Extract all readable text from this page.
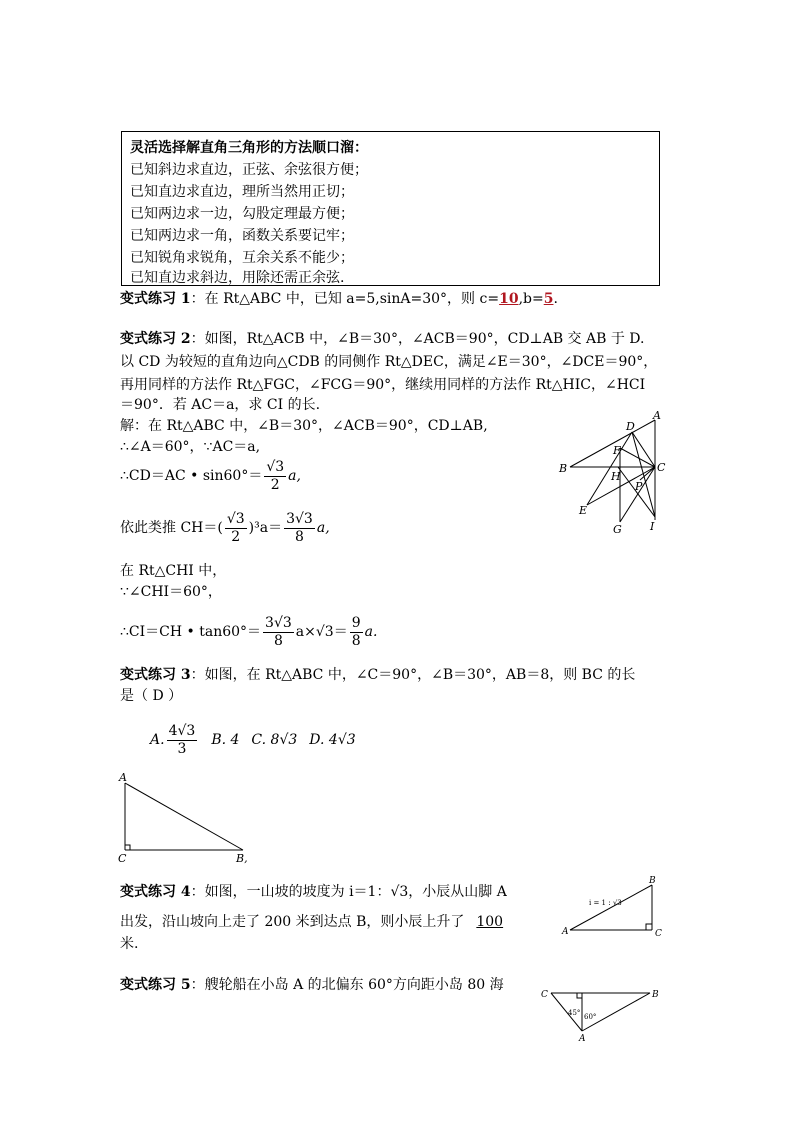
灵活选择解直角三角形的方法顺口溜：
已知斜边求直边，正弦、余弦很方便；
已知直边求直边，理所当然用正切；
已知两边求一边，勾股定理最方便；
已知两边求一角，函数关系要记牢；
已知锐角求锐角，互余关系不能少；
已知直边求斜边，用除还需正余弦.
变式练习 1：在 Rt△ABC 中，已知 a=5,sinA=30°，则 c=10,b=5.
变式练习 2：如图，Rt△ACB 中，∠B＝30°，∠ACB＝90°，CD⊥AB 交 AB 于 D.
以 CD 为较短的直角边向△CDB 的同侧作 Rt△DEC，满足∠E＝30°，∠DCE＝90°，
再用同样的方法作 Rt△FGC，∠FCG＝90°，继续用同样的方法作 Rt△HIC，∠HCI
＝90°．若 AC＝a，求 CI 的长.
解：在 Rt△ABC 中，∠B＝30°，∠ACB＝90°，CD⊥AB,
∴∠A＝60°，∵AC＝a,
∴CD＝AC • $\sin 60^\circ= \frac{√3}{2} a$,
依此类推 $CH=( \frac{√3}{2} )^3a= \frac{3√3}{8} a$,
在 Rt△CHI 中，
∵∠CHI＝60°，
∴CI＝CH • $\tan 60^\circ= \frac{3√3}{8} a\times√3= \frac{9}{8} a$.
A
D
F
B
H
C
P
E
G	I
变式练习 3：如图，在 Rt△ABC 中，∠C＝90°，∠B＝30°，AB＝8，则 BC 的长
是（ D ）
A. $\frac{4√3}{3} B$. 4 C. 8√3 D. 4√3
A
C	B,
变式练习 4：如图，一山坡的坡度为 i＝1：√3，小辰从山脚 A
出发，沿山坡向上走了 200 米到达点 B，则小辰上升了 100
米.
B
i = 1 : √3
A	C
变式练习 5：艘轮船在小岛 A 的北偏东 60°方向距小岛 80 海
C	B
45° 60°
A
